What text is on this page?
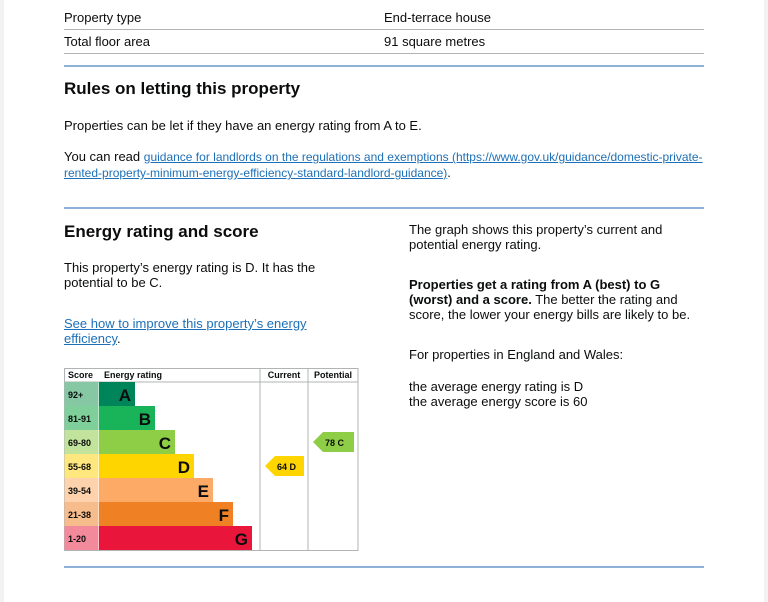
Property type	End-terrace house
Total floor area	91 square metres
Rules on letting this property

Properties can be let if they have an energy rating from A to E.

You can read guidance for landlords on the regulations and exemptions (https://www.gov.uk/guidance/domestic-private-rented-property-minimum-energy-efficiency-standard-landlord-guidance).

Energy rating and score

This property’s energy rating is D. It has the potential to be C.

See how to improve this property’s energy efficiency.

The graph shows this property’s current and potential energy rating.

Properties get a rating from A (best) to G (worst) and a score. The better the rating and score, the lower your energy bills are likely to be.

For properties in England and Wales:

the average energy rating is D

the average energy score is 60

Score Energy rating	Current Potential
92+ A
81-91	B
69-80	C
55-68	D
39-54	E
21-38	F
1-20	G
64 D
78 C
